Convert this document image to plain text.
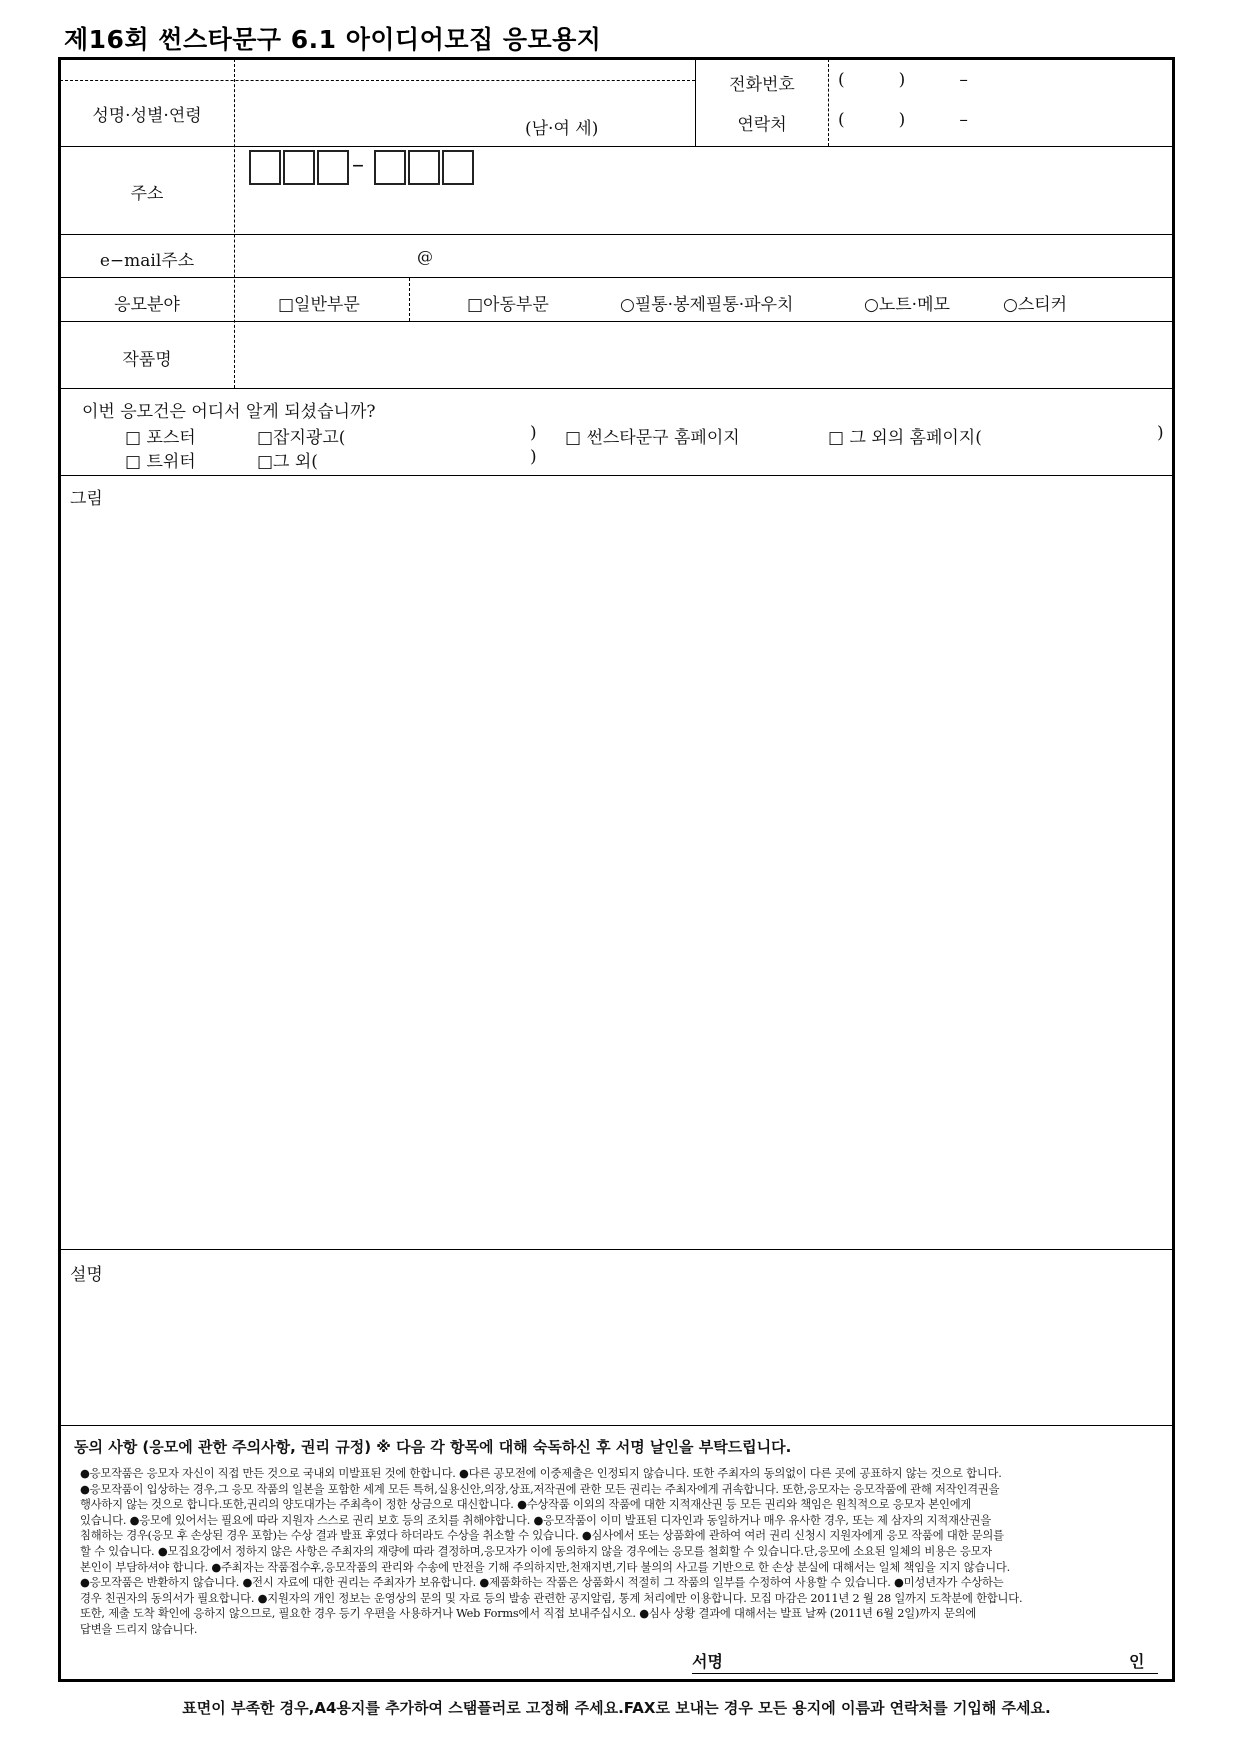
제16회 썬스타문구 6.1 아이디어모집 응모용지
성명·성별·연령
(남·여 세)
전화번호	(          )          –
연락처	(          )          –
주소
–
e−mail주소	@
응모분야	□일반부문	□아동부문	○필통·봉제필통·파우치	○노트·메모	○스티커
작품명
이번 응모건은 어디서 알게 되셨습니까?
□ 포스터	□잡지광고(	) □ 썬스타문구 홈페이지	□ 그 외의 홈페이지(	)
□ 트위터	□그 외(	)
그림
설명
동의 사항 (응모에 관한 주의사항, 권리 규정) ※ 다음 각 항목에 대해 숙독하신 후 서명 날인을 부탁드립니다.
●응모작품은 응모자 자신이 직접 만든 것으로 국내외 미발표된 것에 한합니다. ●다른 공모전에 이중제출은 인정되지 않습니다. 또한 주최자의 동의없이 다른 곳에 공표하지 않는 것으로 합니다.
●응모작품이 입상하는 경우,그 응모 작품의 일본을 포함한 세계 모든 특허,실용신안,의장,상표,저작권에 관한 모든 권리는 주최자에게 귀속합니다. 또한,응모자는 응모작품에 관해 저작인격권을
행사하지 않는 것으로 합니다.또한,권리의 양도대가는 주최측이 정한 상금으로 대신합니다. ●수상작품 이외의 작품에 대한 지적재산권 등 모든 권리와 책임은 원칙적으로 응모자 본인에게
있습니다. ●응모에 있어서는 필요에 따라 지원자 스스로 권리 보호 등의 조치를 취해야합니다. ●응모작품이 이미 발표된 디자인과 동일하거나 매우 유사한 경우, 또는 제 삼자의 지적재산권을
침해하는 경우(응모 후 손상된 경우 포함)는 수상 결과 발표 후였다 하더라도 수상을 취소할 수 있습니다. ●심사에서 또는 상품화에 관하여 여러 권리 신청시 지원자에게 응모 작품에 대한 문의를
할 수 있습니다. ●모집요강에서 정하지 않은 사항은 주최자의 재량에 따라 결정하며,응모자가 이에 동의하지 않을 경우에는 응모를 철회할 수 있습니다.단,응모에 소요된 일체의 비용은 응모자
본인이 부담하셔야 합니다. ●주최자는 작품접수후,응모작품의 관리와 수송에 만전을 기해 주의하지만,천재지변,기타 불의의 사고를 기반으로 한 손상 분실에 대해서는 일체 책임을 지지 않습니다.
●응모작품은 반환하지 않습니다. ●전시 자료에 대한 권리는 주최자가 보유합니다. ●제품화하는 작품은 상품화시 적절히 그 작품의 일부를 수정하여 사용할 수 있습니다. ●미성년자가 수상하는
경우 친권자의 동의서가 필요합니다. ●지원자의 개인 정보는 운영상의 문의 및 자료 등의 발송 관련한 공지알림, 통계 처리에만 이용합니다. 모집 마감은 2011년 2 월 28 일까지 도착분에 한합니다.
또한, 제출 도착 확인에 응하지 않으므로, 필요한 경우 등기 우편을 사용하거나 Web Forms에서 직접 보내주십시오. ●심사 상황 결과에 대해서는 발표 날짜 (2011년 6월 2일)까지 문의에
답변을 드리지 않습니다.
서명	인
표면이 부족한 경우,A4용지를 추가하여 스탬플러로 고정해 주세요.FAX로 보내는 경우 모든 용지에 이름과 연락처를 기입해 주세요.
